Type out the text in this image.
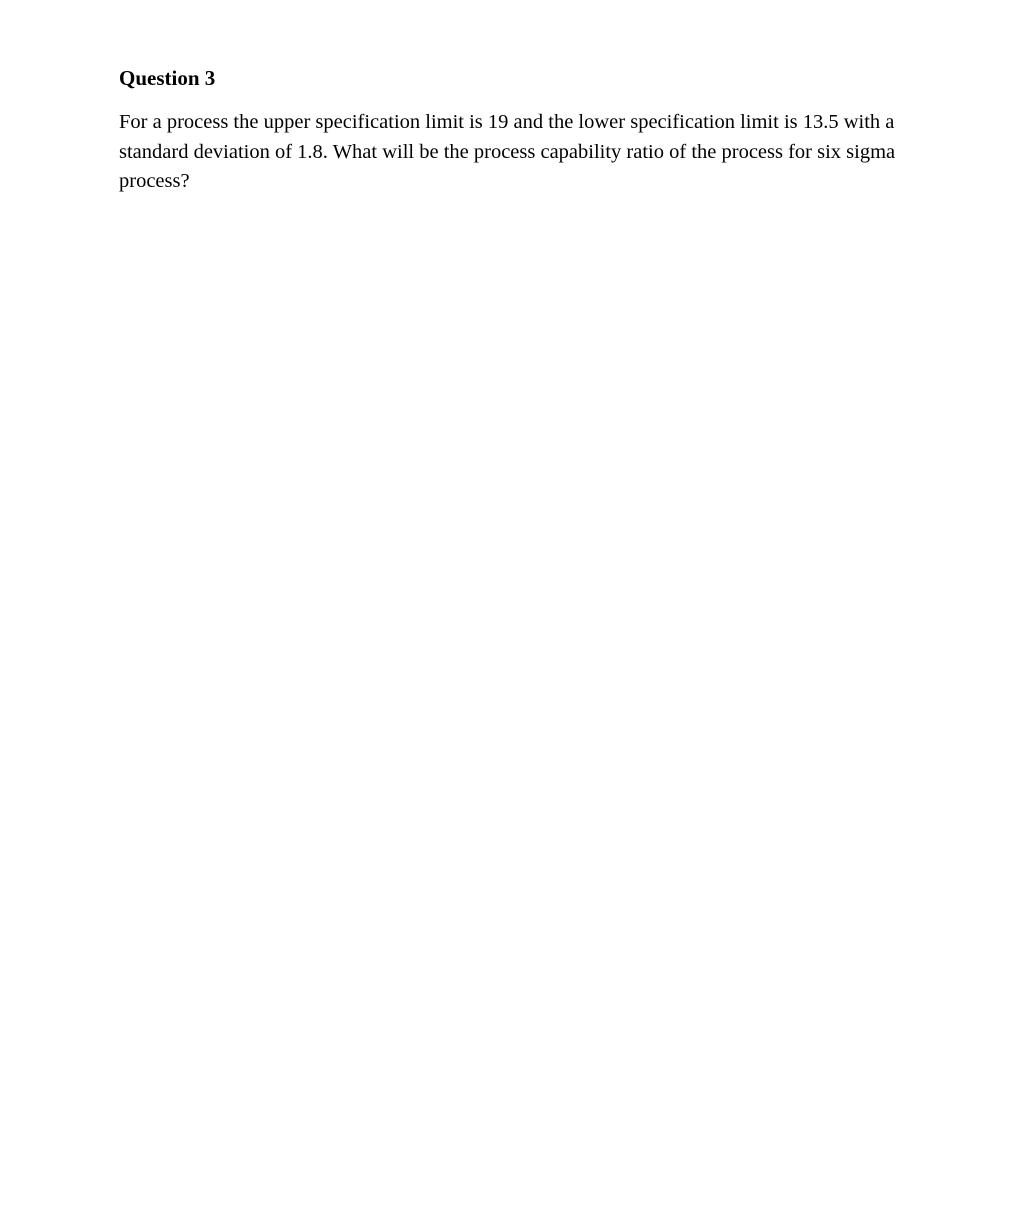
Question 3

For a process the upper specification limit is 19 and the lower specification limit is 13.5 with a standard deviation of 1.8. What will be the process capability ratio of the process for six sigma process?
